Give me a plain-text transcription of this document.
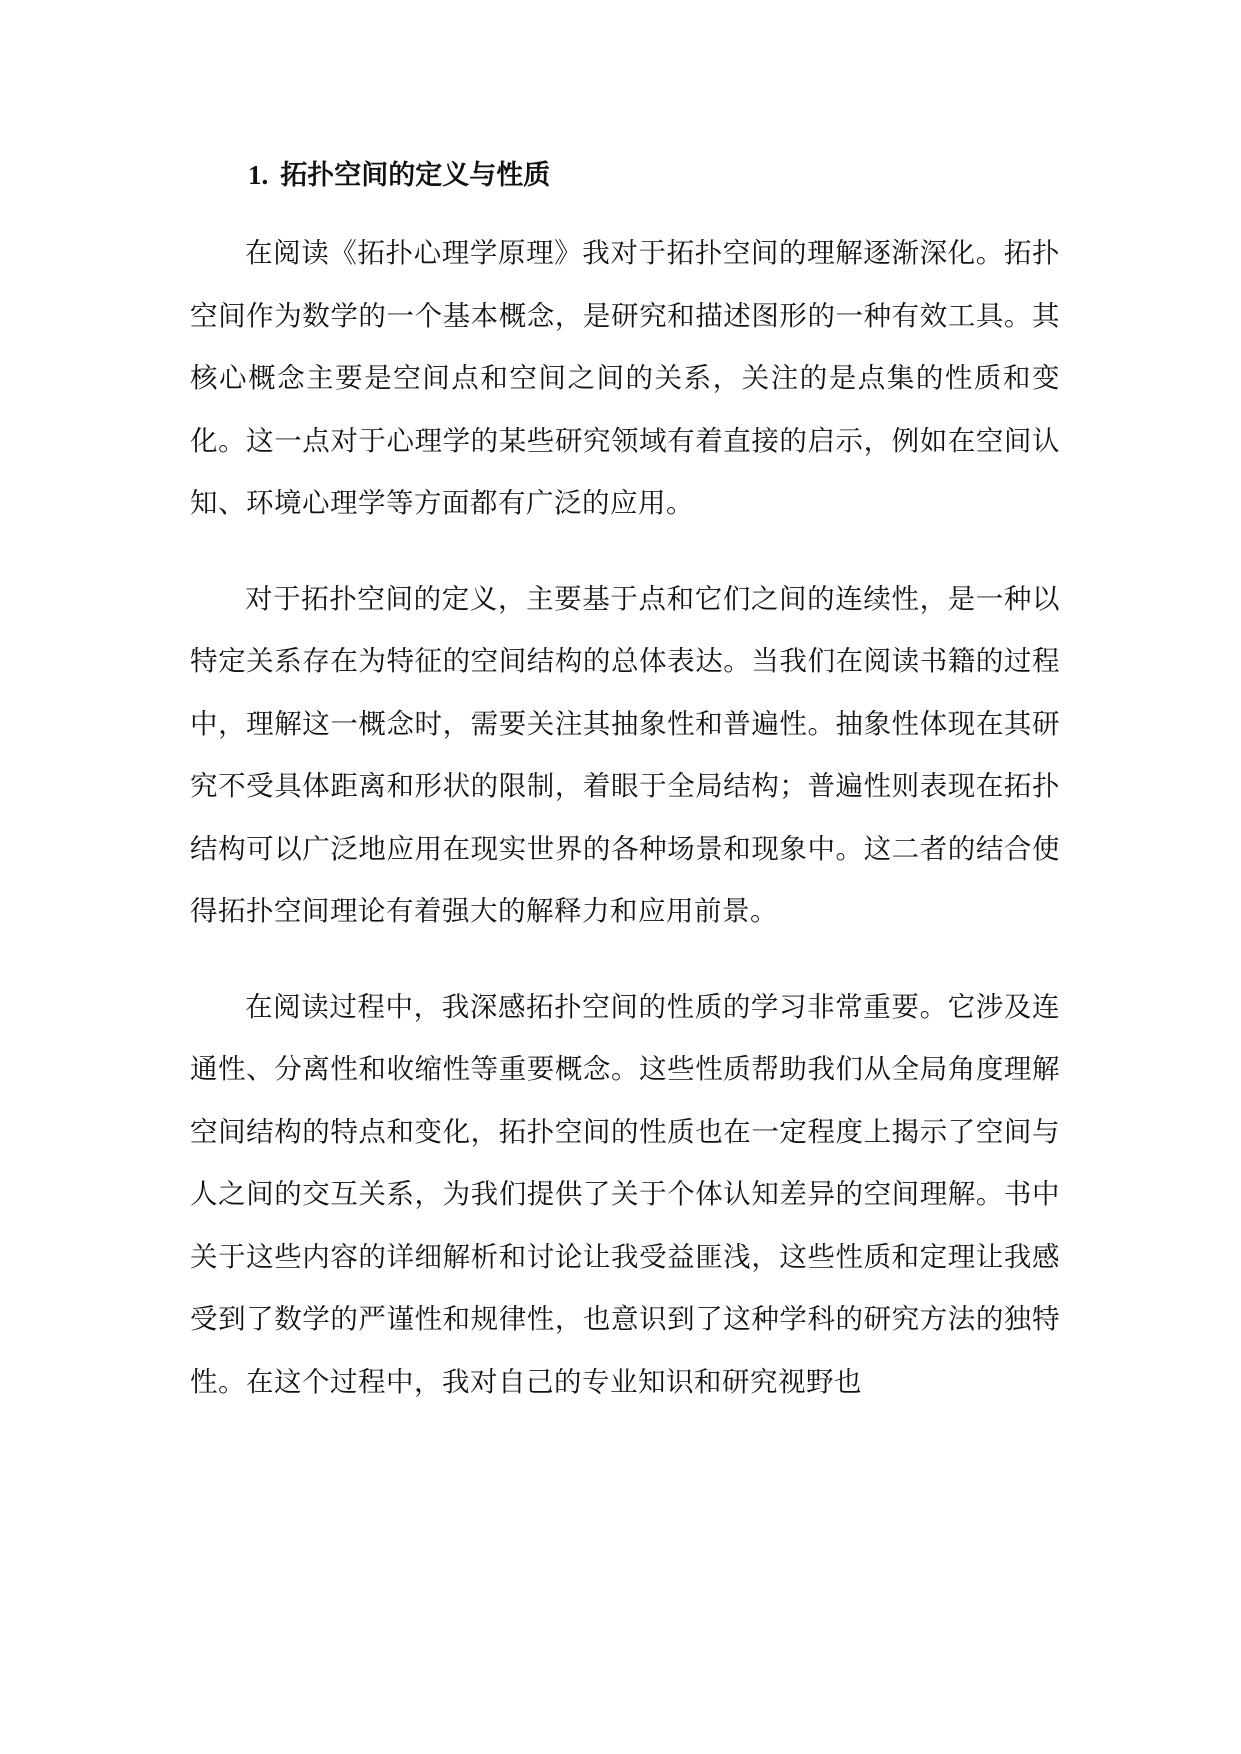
1. 拓扑空间的定义与性质

在阅读《拓扑心理学原理》我对于拓扑空间的理解逐渐深化。拓扑空间作为数学的一个基本概念，是研究和描述图形的一种有效工具。其核心概念主要是空间点和空间之间的关系，关注的是点集的性质和变化。这一点对于心理学的某些研究领域有着直接的启示，例如在空间认知、环境心理学等方面都有广泛的应用。

对于拓扑空间的定义，主要基于点和它们之间的连续性，是一种以特定关系存在为特征的空间结构的总体表达。当我们在阅读书籍的过程中，理解这一概念时，需要关注其抽象性和普遍性。抽象性体现在其研究不受具体距离和形状的限制，着眼于全局结构；普遍性则表现在拓扑结构可以广泛地应用在现实世界的各种场景和现象中。这二者的结合使得拓扑空间理论有着强大的解释力和应用前景。

在阅读过程中，我深感拓扑空间的性质的学习非常重要。它涉及连通性、分离性和收缩性等重要概念。这些性质帮助我们从全局角度理解空间结构的特点和变化，拓扑空间的性质也在一定程度上揭示了空间与人之间的交互关系，为我们提供了关于个体认知差异的空间理解。书中关于这些内容的详细解析和讨论让我受益匪浅，这些性质和定理让我感受到了数学的严谨性和规律性，也意识到了这种学科的研究方法的独特性。在这个过程中，我对自己的专业知识和研究视野也
